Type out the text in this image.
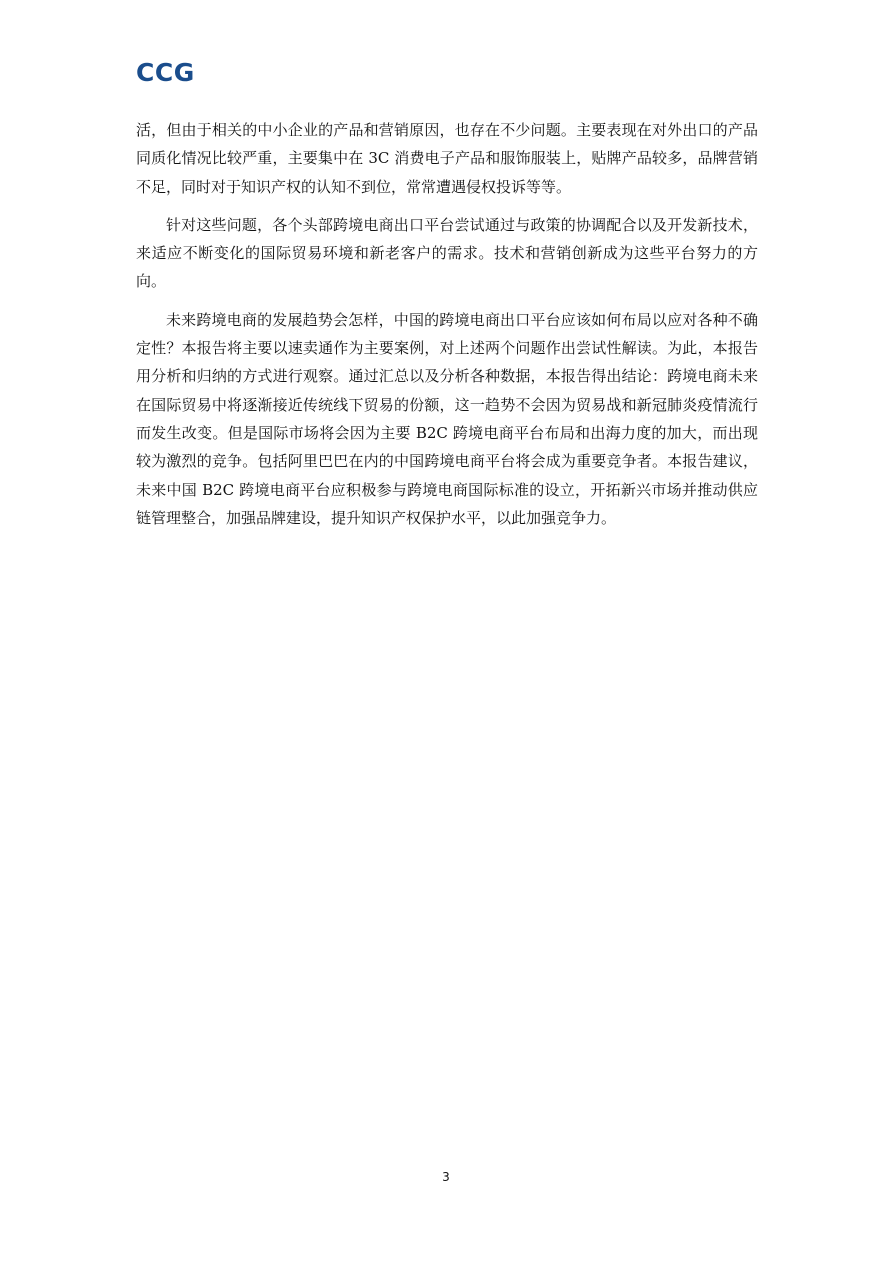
CCG

活，但由于相关的中小企业的产品和营销原因，也存在不少问题。主要表现在对外出口的产品同质化情况比较严重，主要集中在 3C 消费电子产品和服饰服装上，贴牌产品较多，品牌营销不足，同时对于知识产权的认知不到位，常常遭遇侵权投诉等等。

针对这些问题，各个头部跨境电商出口平台尝试通过与政策的协调配合以及开发新技术，来适应不断变化的国际贸易环境和新老客户的需求。技术和营销创新成为这些平台努力的方向。

未来跨境电商的发展趋势会怎样，中国的跨境电商出口平台应该如何布局以应对各种不确定性？本报告将主要以速卖通作为主要案例，对上述两个问题作出尝试性解读。为此，本报告用分析和归纳的方式进行观察。通过汇总以及分析各种数据，本报告得出结论：跨境电商未来在国际贸易中将逐渐接近传统线下贸易的份额，这一趋势不会因为贸易战和新冠肺炎疫情流行而发生改变。但是国际市场将会因为主要 B2C 跨境电商平台布局和出海力度的加大，而出现较为激烈的竞争。包括阿里巴巴在内的中国跨境电商平台将会成为重要竞争者。本报告建议，未来中国 B2C 跨境电商平台应积极参与跨境电商国际标准的设立，开拓新兴市场并推动供应链管理整合，加强品牌建设，提升知识产权保护水平，以此加强竞争力。

3
